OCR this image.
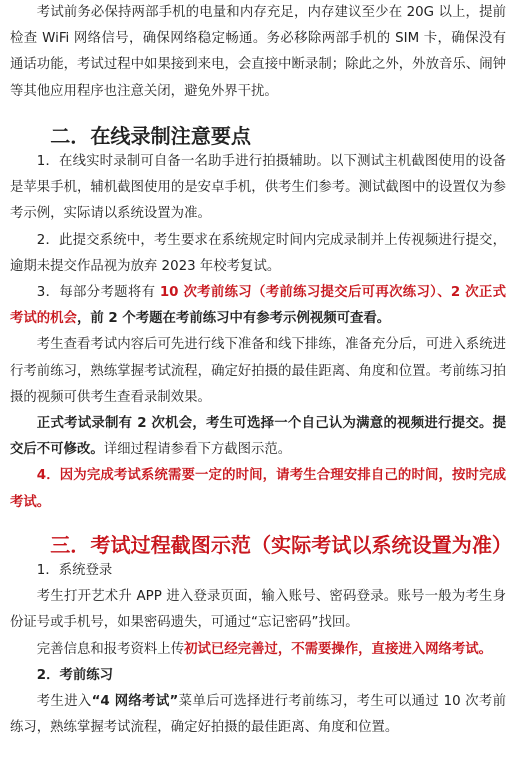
考试前务必保持两部手机的电量和内存充足，内存建议至少在 20G 以上，提前检查 WiFi 网络信号，确保网络稳定畅通。务必移除两部手机的 SIM 卡，确保没有通话功能，考试过程中如果接到来电，会直接中断录制；除此之外，外放音乐、闹钟等其他应用程序也注意关闭，避免外界干扰。

二．在线录制注意要点

1．在线实时录制可自备一名助手进行拍摄辅助。以下测试主机截图使用的设备是苹果手机，辅机截图使用的是安卓手机，供考生们参考。测试截图中的设置仅为参考示例，实际请以系统设置为准。

2．此提交系统中，考生要求在系统规定时间内完成录制并上传视频进行提交，逾期未提交作品视为放弃 2023 年校考复试。

3．每部分考题将有 10 次考前练习（考前练习提交后可再次练习）、2 次正式考试的机会，前 2 个考题在考前练习中有参考示例视频可查看。

考生查看考试内容后可先进行线下准备和线下排练，准备充分后，可进入系统进行考前练习，熟练掌握考试流程，确定好拍摄的最佳距离、角度和位置。考前练习拍摄的视频可供考生查看录制效果。

正式考试录制有 2 次机会，考生可选择一个自己认为满意的视频进行提交。提交后不可修改。详细过程请参看下方截图示范。

4．因为完成考试系统需要一定的时间，请考生合理安排自己的时间，按时完成考试。

三．考试过程截图示范（实际考试以系统设置为准）

1．系统登录

考生打开艺术升 APP 进入登录页面，输入账号、密码登录。账号一般为考生身份证号或手机号，如果密码遗失，可通过“忘记密码”找回。

完善信息和报考资料上传初试已经完善过，不需要操作，直接进入网络考试。

2．考前练习

考生进入“4 网络考试”菜单后可选择进行考前练习，考生可以通过 10 次考前练习，熟练掌握考试流程，确定好拍摄的最佳距离、角度和位置。
